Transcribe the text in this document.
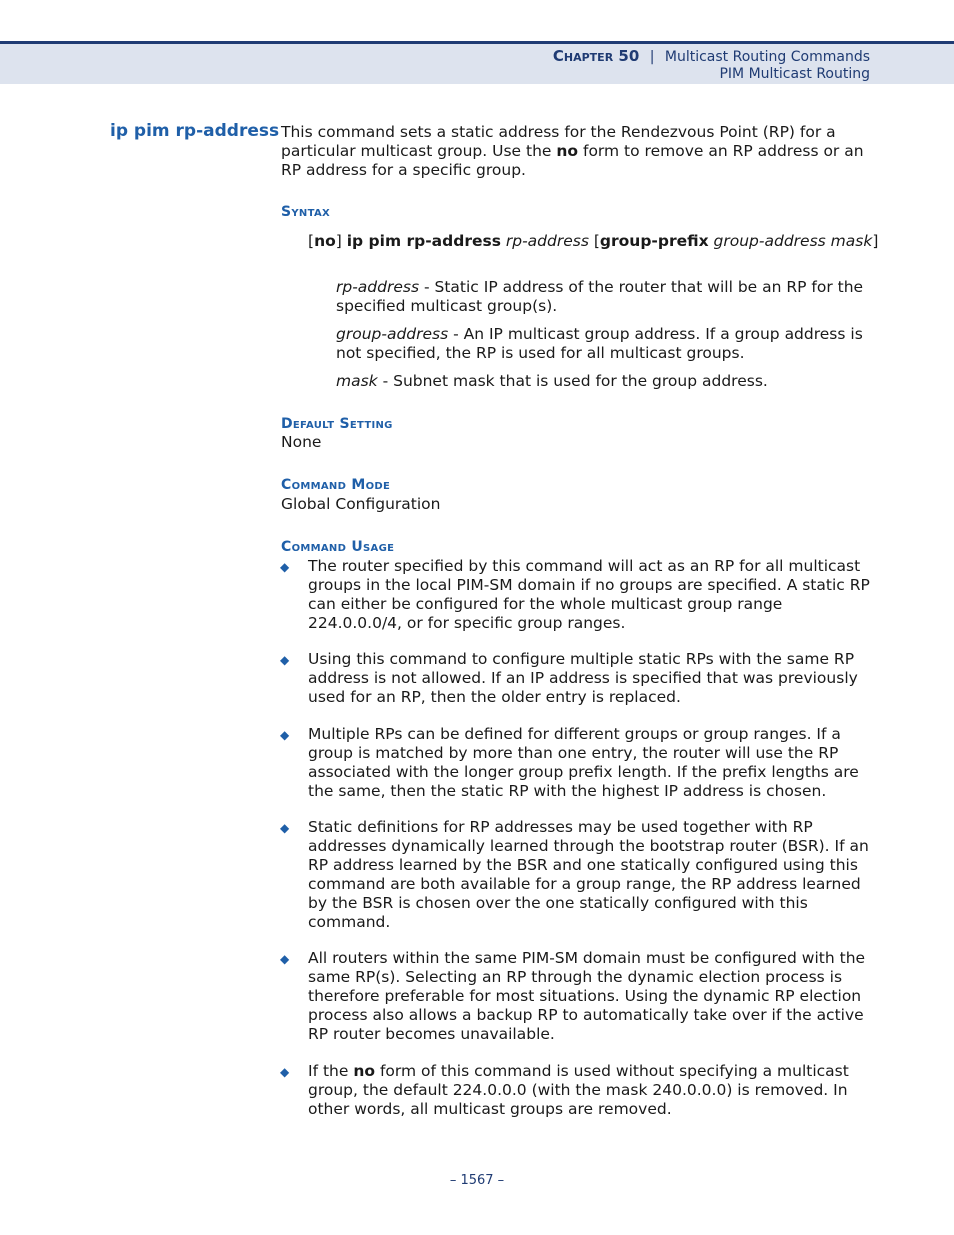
Chapter 50 | Multicast Routing Commands
PIM Multicast Routing
ip pim rp-address This command sets a static address for the Rendezvous Point (RP) for a particular multicast group. Use the no form to remove an RP address or an RP address for a specific group.
Syntax
[no] ip pim rp-address rp-address [group-prefix group-address mask]
rp-address - Static IP address of the router that will be an RP for the specified multicast group(s).
group-address - An IP multicast group address. If a group address is not specified, the RP is used for all multicast groups.
mask - Subnet mask that is used for the group address.
Default Setting
None
Command Mode
Global Configuration
Command Usage
◆ The router specified by this command will act as an RP for all multicast groups in the local PIM-SM domain if no groups are specified. A static RP can either be configured for the whole multicast group range 224.0.0.0/4, or for specific group ranges.
◆ Using this command to configure multiple static RPs with the same RP address is not allowed. If an IP address is specified that was previously used for an RP, then the older entry is replaced.
◆ Multiple RPs can be defined for different groups or group ranges. If a group is matched by more than one entry, the router will use the RP associated with the longer group prefix length. If the prefix lengths are the same, then the static RP with the highest IP address is chosen.
◆ Static definitions for RP addresses may be used together with RP addresses dynamically learned through the bootstrap router (BSR). If an RP address learned by the BSR and one statically configured using this command are both available for a group range, the RP address learned by the BSR is chosen over the one statically configured with this command.
◆ All routers within the same PIM-SM domain must be configured with the same RP(s). Selecting an RP through the dynamic election process is therefore preferable for most situations. Using the dynamic RP election process also allows a backup RP to automatically take over if the active RP router becomes unavailable.
◆ If the no form of this command is used without specifying a multicast group, the default 224.0.0.0 (with the mask 240.0.0.0) is removed. In other words, all multicast groups are removed.
– 1567 –
